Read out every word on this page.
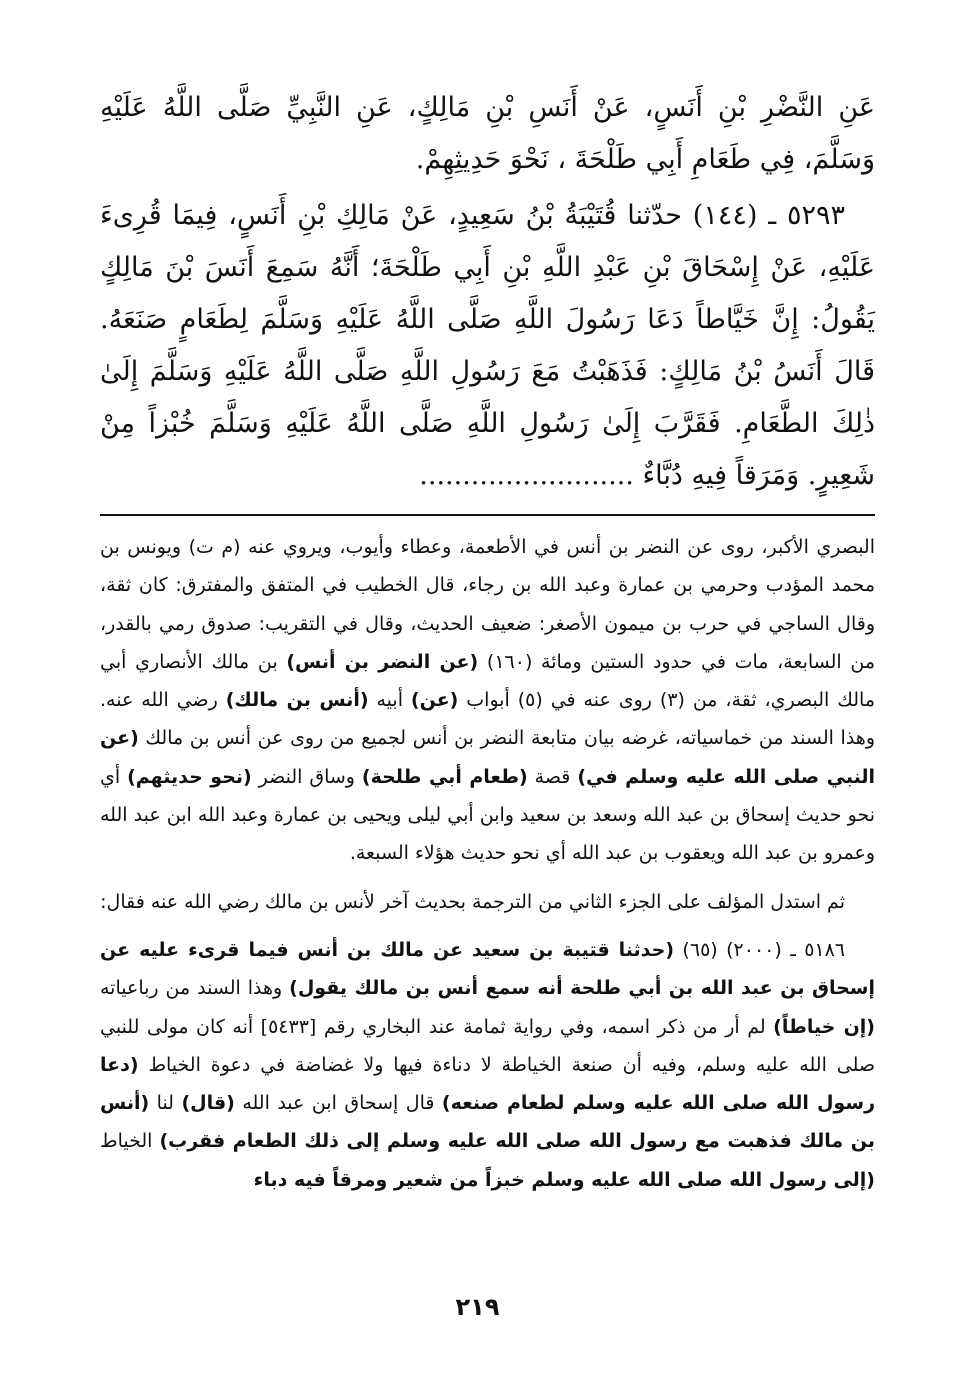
عَنِ النَّضْرِ بْنِ أَنَسٍ، عَنْ أَنَسِ بْنِ مَالِكٍ، عَنِ النَّبِيِّ صَلَّى اللَّهُ عَلَيْهِ وَسَلَّمَ، فِي طَعَامِ أَبِي طَلْحَةَ ، نَحْوَ حَدِيثِهِمْ.

٥٢٩٣ ـ (١٤٤) حدّثنا قُتَيْبَةُ بْنُ سَعِيدٍ، عَنْ مَالِكِ بْنِ أَنَسٍ، فِيمَا قُرِىءَ عَلَيْهِ، عَنْ إِسْحَاقَ بْنِ عَبْدِ اللَّهِ بْنِ أَبِي طَلْحَةَ؛ أَنَّهُ سَمِعَ أَنَسَ بْنَ مَالِكٍ يَقُولُ: إِنَّ خَيَّاطاً دَعَا رَسُولَ اللَّهِ صَلَّى اللَّهُ عَلَيْهِ وَسَلَّمَ لِطَعَامٍ صَنَعَهُ. قَالَ أَنَسُ بْنُ مَالِكٍ: فَذَهَبْتُ مَعَ رَسُولِ اللَّهِ صَلَّى اللَّهُ عَلَيْهِ وَسَلَّمَ إِلَىٰ ذٰلِكَ الطَّعَامِ. فَقَرَّبَ إِلَىٰ رَسُولِ اللَّهِ صَلَّى اللَّهُ عَلَيْهِ وَسَلَّمَ خُبْزاً مِنْ شَعِيرٍ. وَمَرَقاً فِيهِ دُبَّاءٌ .........................

البصري الأكبر، روى عن النضر بن أنس في الأطعمة، وعطاء وأيوب، ويروي عنه (م ت) ويونس بن محمد المؤدب وحرمي بن عمارة وعبد الله بن رجاء، قال الخطيب في المتفق والمفترق: كان ثقة، وقال الساجي في حرب بن ميمون الأصغر: ضعيف الحديث، وقال في التقريب: صدوق رمي بالقدر، من السابعة، مات في حدود الستين ومائة (١٦٠) (عن النضر بن أنس) بن مالك الأنصاري أبي مالك البصري، ثقة، من (٣) روى عنه في (٥) أبواب (عن) أبيه (أنس بن مالك) رضي الله عنه. وهذا السند من خماسياته، غرضه بيان متابعة النضر بن أنس لجميع من روى عن أنس بن مالك (عن النبي صلى الله عليه وسلم في) قصة (طعام أبي طلحة) وساق النضر (نحو حديثهم) أي نحو حديث إسحاق بن عبد الله وسعد بن سعيد وابن أبي ليلى ويحيى بن عمارة وعبد الله ابن عبد الله وعمرو بن عبد الله ويعقوب بن عبد الله أي نحو حديث هؤلاء السبعة.

ثم استدل المؤلف على الجزء الثاني من الترجمة بحديث آخر لأنس بن مالك رضي الله عنه فقال:

٥١٨٦ ـ (٢٠٠٠) (٦٥) (حدثنا قتيبة بن سعيد عن مالك بن أنس فيما قرىء عليه عن إسحاق بن عبد الله بن أبي طلحة أنه سمع أنس بن مالك يقول) وهذا السند من رباعياته (إن خياطاً) لم أر من ذكر اسمه، وفي رواية ثمامة عند البخاري رقم [٥٤٣٣] أنه كان مولى للنبي صلى الله عليه وسلم، وفيه أن صنعة الخياطة لا دناءة فيها ولا غضاضة في دعوة الخياط (دعا رسول الله صلى الله عليه وسلم لطعام صنعه) قال إسحاق ابن عبد الله (قال) لنا (أنس بن مالك فذهبت مع رسول الله صلى الله عليه وسلم إلى ذلك الطعام فقرب) الخياط (إلى رسول الله صلى الله عليه وسلم خبزاً من شعير ومرقاً فيه دباء

٢١٩
